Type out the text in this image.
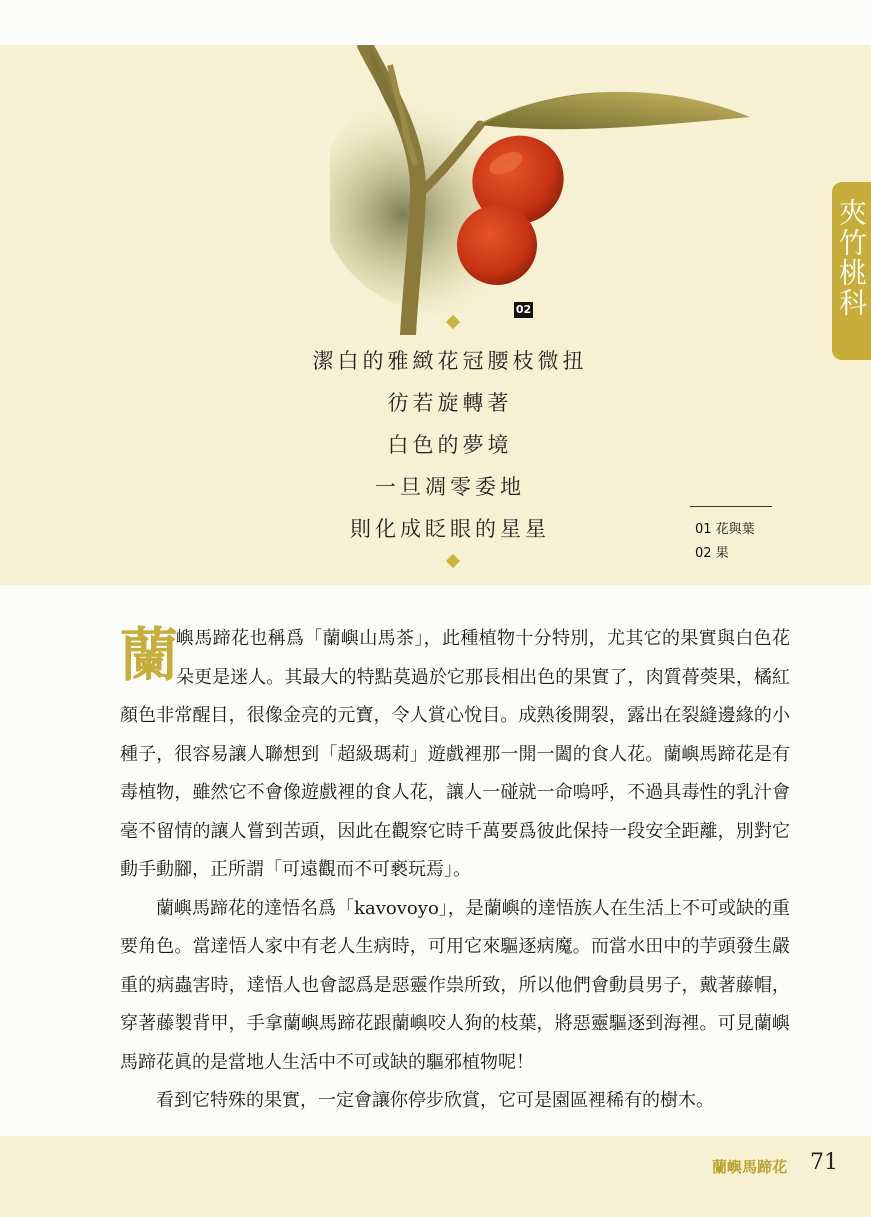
02
潔白的雅緻花冠腰枝微扭
彷若旋轉著
白色的夢境
一旦凋零委地
則化成眨眼的星星
夾竹桃科
01 花與葉
02 果

蘭
嶼馬蹄花也稱爲「蘭嶼山馬茶」，此種植物十分特別，尤其它的果實與白色花朵更是迷人。其最大的特點莫過於它那長相出色的果實了，肉質蓇葖果，橘紅顏色非常醒目，很像金亮的元寶，令人賞心悅目。成熟後開裂，露出在裂縫邊緣的小種子，很容易讓人聯想到「超級瑪莉」遊戲裡那一開一闔的食人花。蘭嶼馬蹄花是有毒植物，雖然它不會像遊戲裡的食人花，讓人一碰就一命嗚呼，不過具毒性的乳汁會毫不留情的讓人嘗到苦頭，因此在觀察它時千萬要爲彼此保持一段安全距離，別對它動手動腳，正所謂「可遠觀而不可褻玩焉」。

蘭嶼馬蹄花的達悟名爲「kavovoyo」，是蘭嶼的達悟族人在生活上不可或缺的重要角色。當達悟人家中有老人生病時，可用它來驅逐病魔。而當水田中的芋頭發生嚴重的病蟲害時，達悟人也會認爲是惡靈作祟所致，所以他們會動員男子，戴著藤帽，穿著藤製背甲，手拿蘭嶼馬蹄花跟蘭嶼咬人狗的枝葉，將惡靈驅逐到海裡。可見蘭嶼馬蹄花眞的是當地人生活中不可或缺的驅邪植物呢！

看到它特殊的果實，一定會讓你停步欣賞，它可是園區裡稀有的樹木。

蘭嶼馬蹄花 71
